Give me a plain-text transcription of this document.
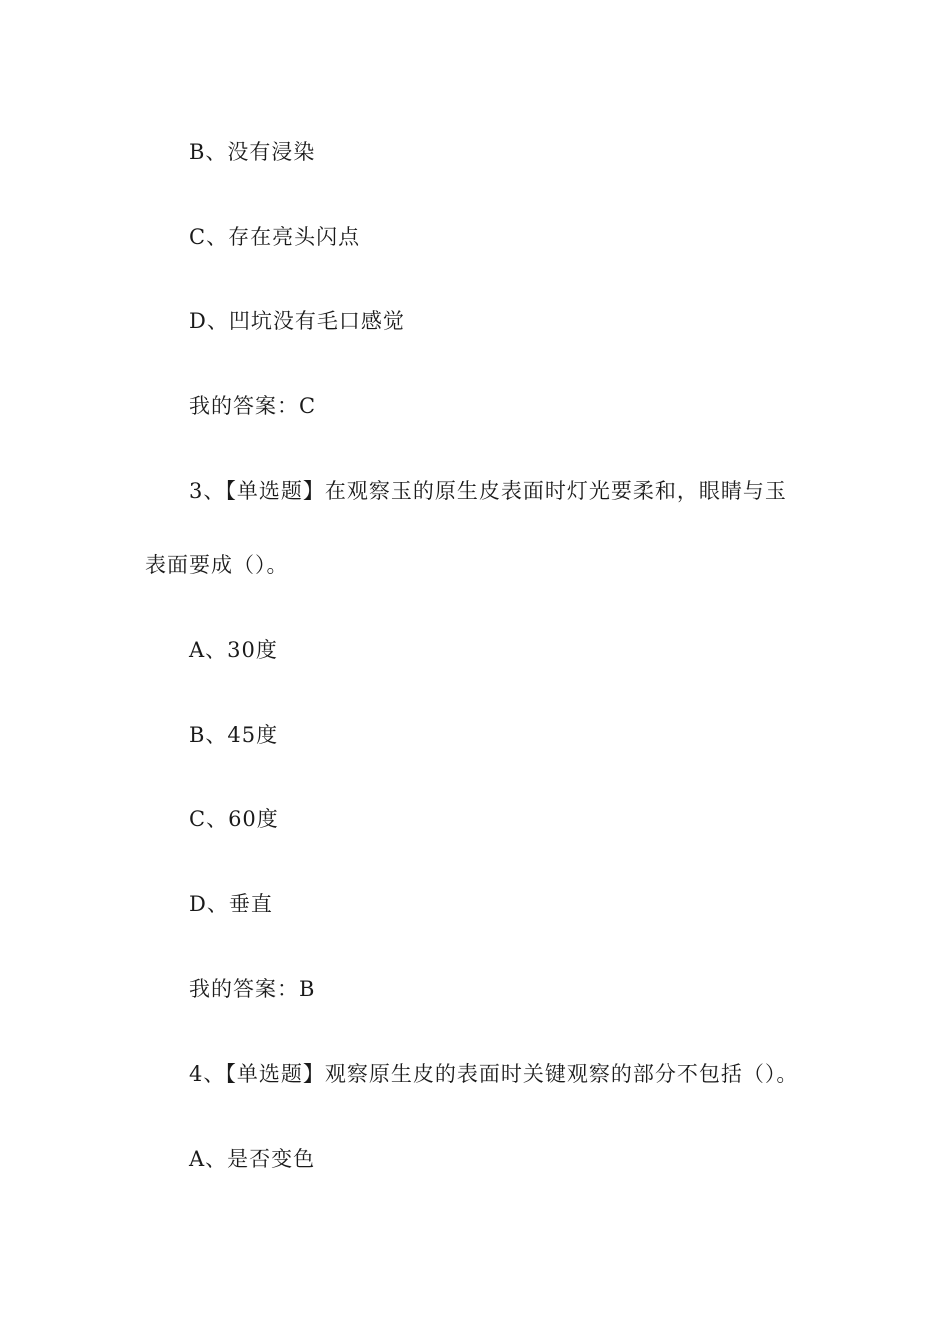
B、没有浸染
C、存在亮头闪点
D、凹坑没有毛口感觉
我的答案：C
3、【单选题】在观察玉的原生皮表面时灯光要柔和，眼睛与玉
表面要成（）。
A、30度
B、45度
C、60度
D、垂直
我的答案：B
4、【单选题】观察原生皮的表面时关键观察的部分不包括（）。
A、是否变色
